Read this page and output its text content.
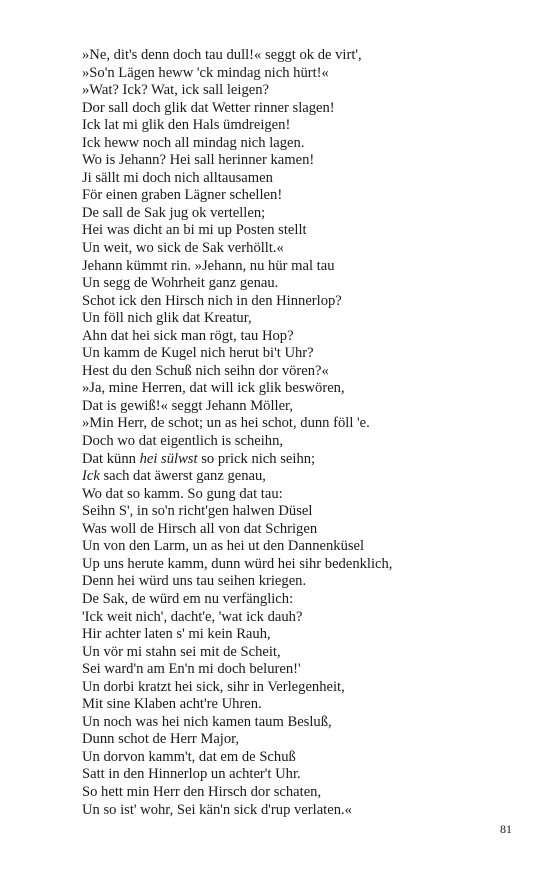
»Ne, dit's denn doch tau dull!« seggt ok de virt',
»So'n Lägen heww 'ck mindag nich hürt!«
»Wat? Ick? Wat, ick sall leigen?
Dor sall doch glik dat Wetter rinner slagen!
Ick lat mi glik den Hals ümdreigen!
Ick heww noch all mindag nich lagen.
Wo is Jehann? Hei sall herinner kamen!
Ji sällt mi doch nich alltausamen
För einen graben Lägner schellen!
De sall de Sak jug ok vertellen;
Hei was dicht an bi mi up Posten stellt
Un weit, wo sick de Sak verhöllt.«
Jehann kümmt rin. »Jehann, nu hür mal tau
Un segg de Wohrheit ganz genau.
Schot ick den Hirsch nich in den Hinnerlop?
Un föll nich glik dat Kreatur,
Ahn dat hei sick man rögt, tau Hop?
Un kamm de Kugel nich herut bi't Uhr?
Hest du den Schuß nich seihn dor vören?«
»Ja, mine Herren, dat will ick glik beswören,
Dat is gewiß!« seggt Jehann Möller,
»Min Herr, de schot; un as hei schot, dunn föll 'e.
Doch wo dat eigentlich is scheihn,
Dat künn hei sülwst so prick nich seihn;
Ick sach dat äwerst ganz genau,
Wo dat so kamm. So gung dat tau:
Seihn S', in so'n richt'gen halwen Düsel
Was woll de Hirsch all von dat Schrigen
Un von den Larm, un as hei ut den Dannenküsel
Up uns herute kamm, dunn würd hei sihr bedenklich,
Denn hei würd uns tau seihen kriegen.
De Sak, de würd em nu verfänglich:
'Ick weit nich', dacht'e, 'wat ick dauh?
Hir achter laten s' mi kein Rauh,
Un vör mi stahn sei mit de Scheit,
Sei ward'n am En'n mi doch beluren!'
Un dorbi kratzt hei sick, sihr in Verlegenheit,
Mit sine Klaben acht're Uhren.
Un noch was hei nich kamen taum Besluß,
Dunn schot de Herr Major,
Un dorvon kamm't, dat em de Schuß
Satt in den Hinnerlop un achter't Uhr.
So hett min Herr den Hirsch dor schaten,
Un so ist' wohr, Sei kän'n sick d'rup verlaten.«
81
